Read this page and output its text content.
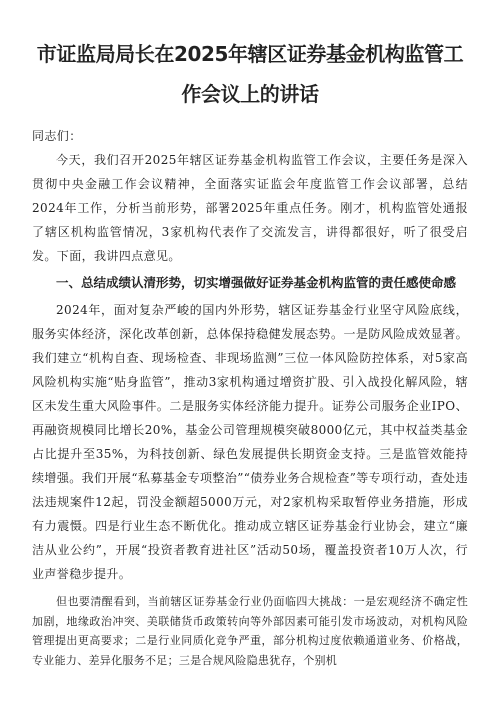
市证监局局长在2025年辖区证券基金机构监管工作会议上的讲话

同志们：

今天，我们召开2025年辖区证券基金机构监管工作会议，主要任务是深入贯彻中央金融工作会议精神，全面落实证监会年度监管工作会议部署，总结2024年工作，分析当前形势，部署2025年重点任务。刚才，机构监管处通报了辖区机构监管情况，3家机构代表作了交流发言，讲得都很好，听了很受启发。下面，我讲四点意见。

一、总结成绩认清形势，切实增强做好证券基金机构监管的责任感使命感

2024年，面对复杂严峻的国内外形势，辖区证券基金行业坚守风险底线，服务实体经济，深化改革创新，总体保持稳健发展态势。一是防风险成效显著。我们建立“机构自查、现场检查、非现场监测”三位一体风险防控体系，对5家高风险机构实施“贴身监管”，推动3家机构通过增资扩股、引入战投化解风险，辖区未发生重大风险事件。二是服务实体经济能力提升。证券公司服务企业IPO、再融资规模同比增长20%，基金公司管理规模突破8000亿元，其中权益类基金占比提升至35%，为科技创新、绿色发展提供长期资金支持。三是监管效能持续增强。我们开展“私募基金专项整治”“债券业务合规检查”等专项行动，查处违法违规案件12起，罚没金额超5000万元，对2家机构采取暂停业务措施，形成有力震慑。四是行业生态不断优化。推动成立辖区证券基金行业协会，建立“廉洁从业公约”，开展“投资者教育进社区”活动50场，覆盖投资者10万人次，行业声誉稳步提升。

但也要清醒看到，当前辖区证券基金行业仍面临四大挑战：一是宏观经济不确定性加剧，地缘政治冲突、美联储货币政策转向等外部因素可能引发市场波动，对机构风险管理提出更高要求；二是行业同质化竞争严重，部分机构过度依赖通道业务、价格战，专业能力、差异化服务不足；三是合规风险隐患犹存，个别机
